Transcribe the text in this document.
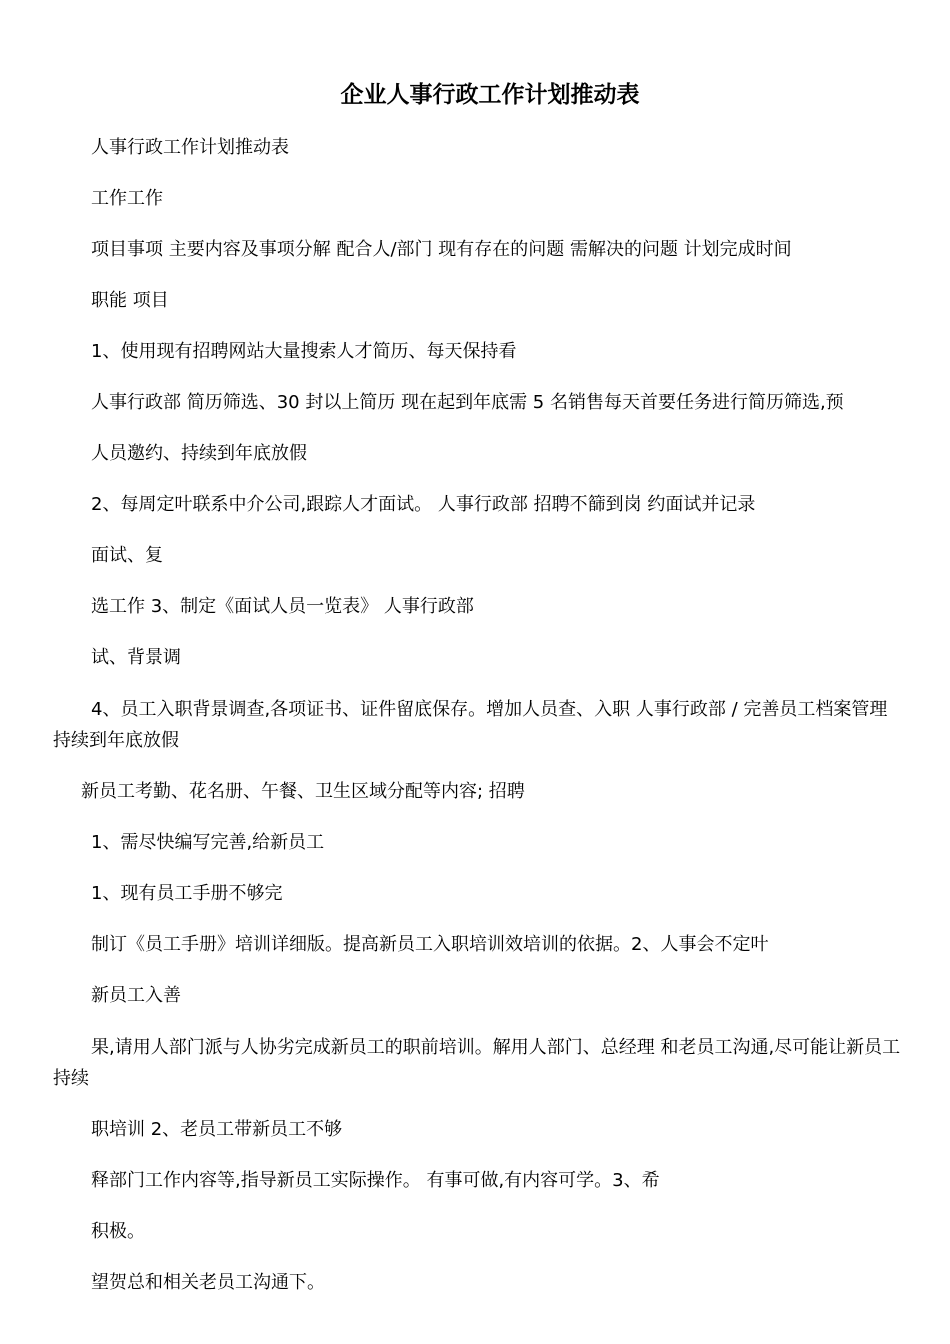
企业人事行政工作计划推动表

人事行政工作计划推动表

工作工作

项目事项 主要内容及事项分解 配合人/部门 现有存在的问题 需解决的问题 计划完成时间

职能 项目

1、使用现有招聘网站大量搜索人才简历、每天保持看

人事行政部 简历筛选、30 封以上简历 现在起到年底需 5 名销售每天首要任务进行简历筛选,预

人员邀约、持续到年底放假

2、每周定叶联系中介公司,跟踪人才面试。 人事行政部 招聘不篩到岗 约面试并记录

面试、复

选工作 3、制定《面试人员一览表》 人事行政部

试、背景调

4、员工入职背景调查,各项证书、证件留底保存。增加人员查、入职 人事行政部 / 完善员工档案管理 持续到年底放假

新员工考勤、花名册、午餐、卫生区域分配等内容; 招聘

1、需尽快编写完善,给新员工

1、现有员工手册不够完

制订《员工手册》培训详细版。提高新员工入职培训效培训的依据。2、人事会不定叶

新员工入善

果,请用人部门派与人协劣完成新员工的职前培训。解用人部门、总经理 和老员工沟通,尽可能让新员工持续

职培训 2、老员工带新员工不够

释部门工作内容等,指导新员工实际操作。 有事可做,有内容可学。3、希

积极。

望贺总和相关老员工沟通下。
